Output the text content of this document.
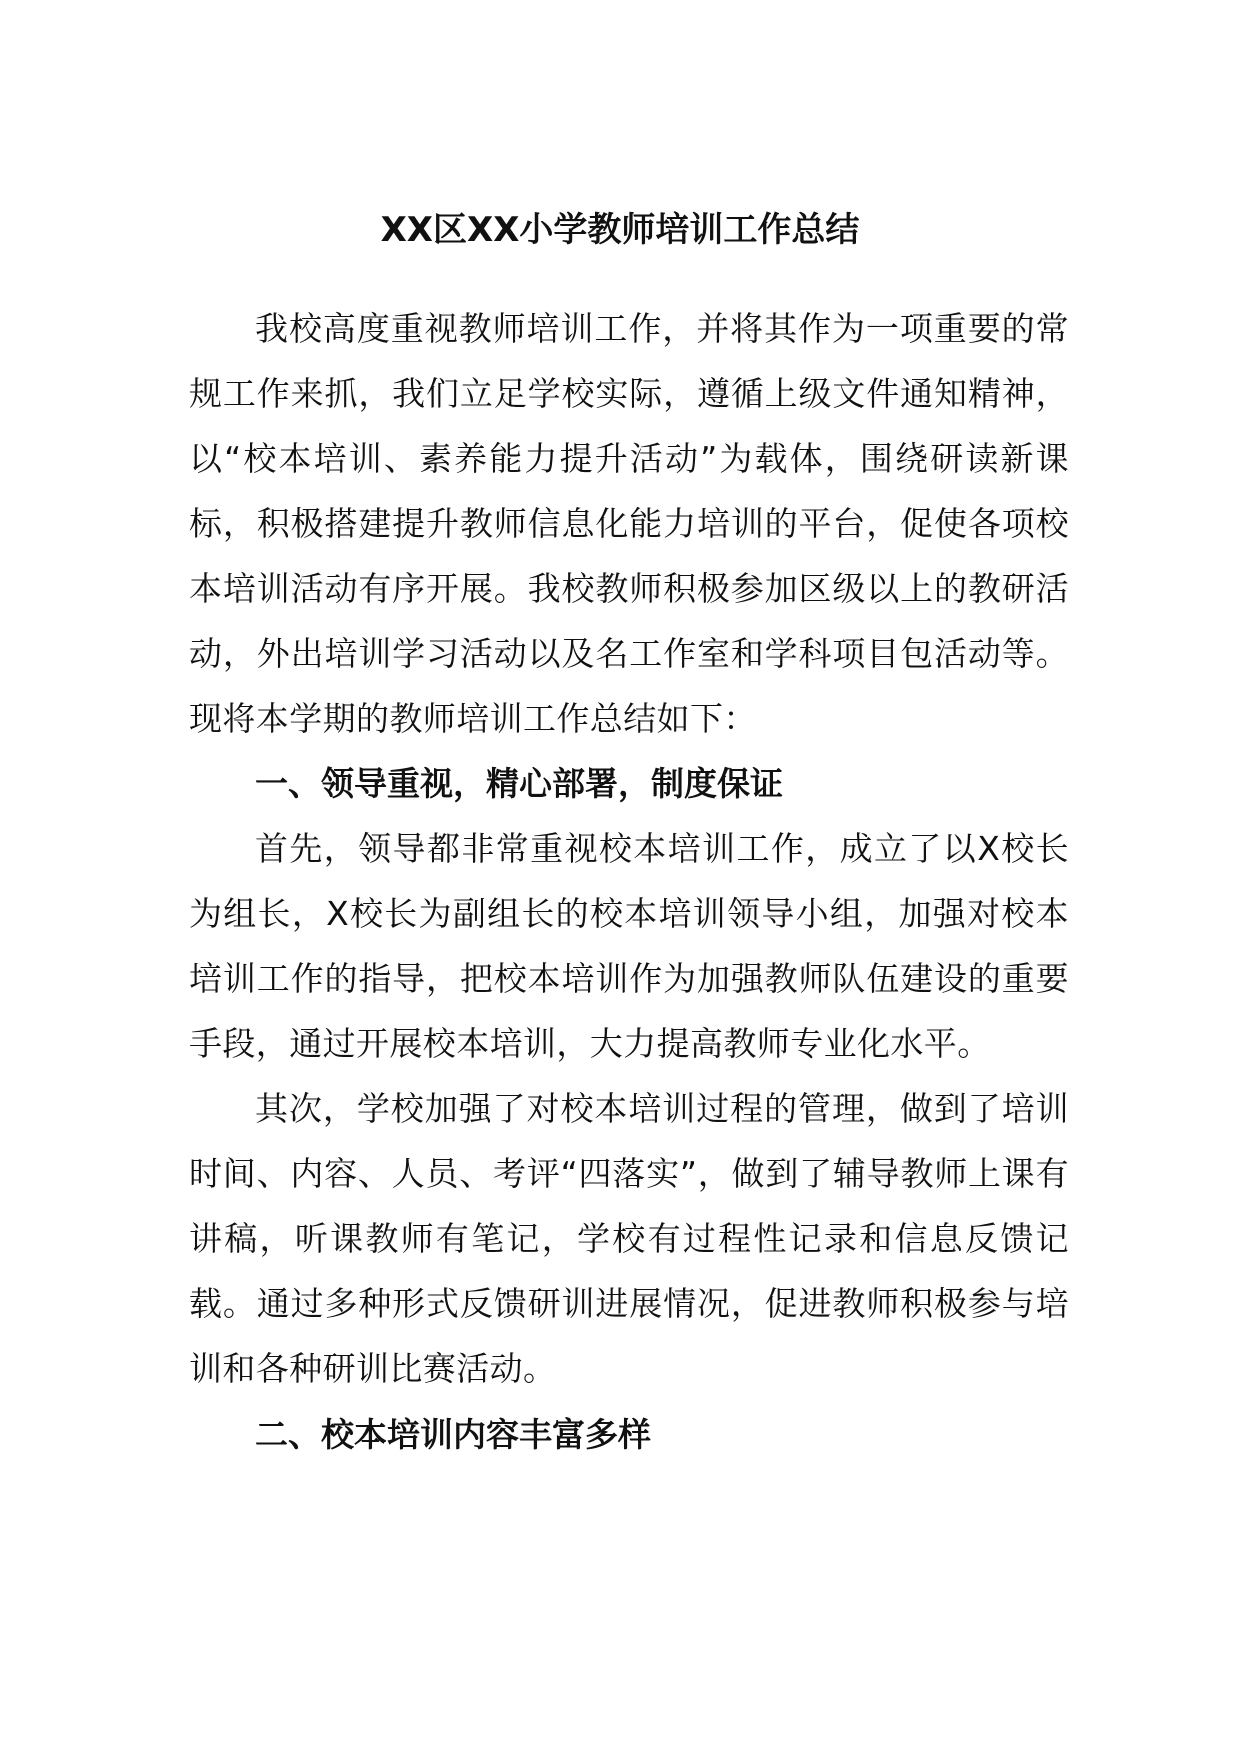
XX区XX小学教师培训工作总结

我校高度重视教师培训工作，并将其作为一项重要的常规工作来抓，我们立足学校实际，遵循上级文件通知精神，以“校本培训、素养能力提升活动”为载体，围绕研读新课标，积极搭建提升教师信息化能力培训的平台，促使各项校本培训活动有序开展。我校教师积极参加区级以上的教研活动，外出培训学习活动以及名工作室和学科项目包活动等。现将本学期的教师培训工作总结如下：

一、领导重视，精心部署，制度保证

首先，领导都非常重视校本培训工作，成立了以X校长为组长，X校长为副组长的校本培训领导小组，加强对校本培训工作的指导，把校本培训作为加强教师队伍建设的重要手段，通过开展校本培训，大力提高教师专业化水平。

其次，学校加强了对校本培训过程的管理，做到了培训时间、内容、人员、考评“四落实”，做到了辅导教师上课有讲稿，听课教师有笔记，学校有过程性记录和信息反馈记载。通过多种形式反馈研训进展情况，促进教师积极参与培训和各种研训比赛活动。

二、校本培训内容丰富多样
